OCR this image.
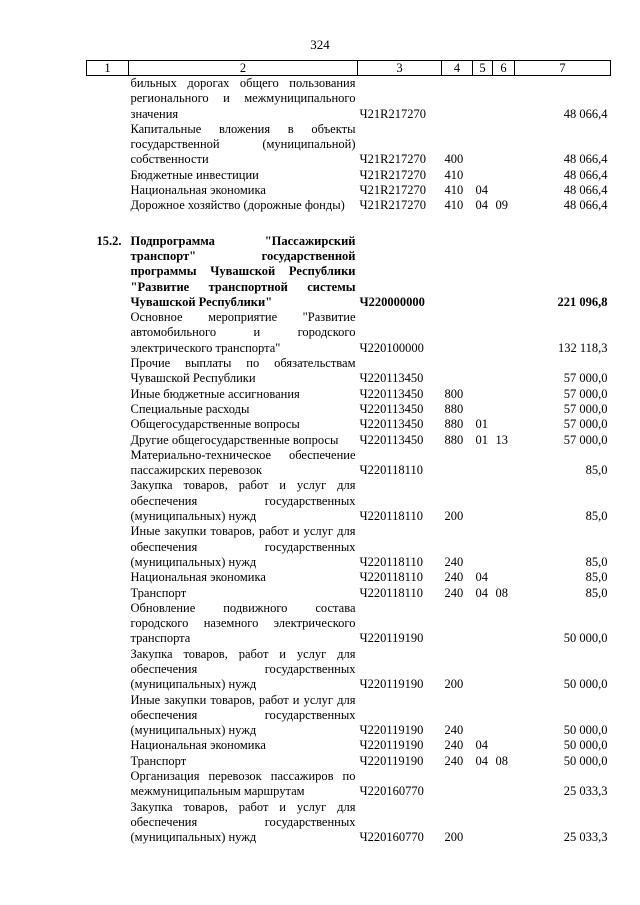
324
1	2	3	4	5	6	7
	бильных дорогах общего пользования регионального и межмуниципального значения	Ч21R217270				48 066,4
	Капитальные вложения в объекты государственной (муниципальной) собственности	Ч21R217270	400			48 066,4
	Бюджетные инвестиции	Ч21R217270	410			48 066,4
	Национальная экономика	Ч21R217270	410	04		48 066,4
	Дорожное хозяйство (дорожные фонды)	Ч21R217270	410	04	09	48 066,4

15.2.	Подпрограмма "Пассажирский транспорт" государственной программы Чувашской Республики "Развитие транспортной системы Чувашской Республики"	Ч220000000				221 096,8
	Основное мероприятие "Развитие автомобильного и городского электрического транспорта"	Ч220100000				132 118,3
	Прочие выплаты по обязательствам Чувашской Республики	Ч220113450				57 000,0
	Иные бюджетные ассигнования	Ч220113450	800			57 000,0
	Специальные расходы	Ч220113450	880			57 000,0
	Общегосударственные вопросы	Ч220113450	880	01		57 000,0
	Другие общегосударственные вопросы	Ч220113450	880	01	13	57 000,0
	Материально-техническое обеспечение пассажирских перевозок	Ч220118110				85,0
	Закупка товаров, работ и услуг для обеспечения государственных (муниципальных) нужд	Ч220118110	200			85,0
	Иные закупки товаров, работ и услуг для обеспечения государственных (муниципальных) нужд	Ч220118110	240			85,0
	Национальная экономика	Ч220118110	240	04		85,0
	Транспорт	Ч220118110	240	04	08	85,0
	Обновление подвижного состава городского наземного электрического транспорта	Ч220119190				50 000,0
	Закупка товаров, работ и услуг для обеспечения государственных (муниципальных) нужд	Ч220119190	200			50 000,0
	Иные закупки товаров, работ и услуг для обеспечения государственных (муниципальных) нужд	Ч220119190	240			50 000,0
	Национальная экономика	Ч220119190	240	04		50 000,0
	Транспорт	Ч220119190	240	04	08	50 000,0
	Организация перевозок пассажиров по межмуниципальным маршрутам	Ч220160770				25 033,3
	Закупка товаров, работ и услуг для обеспечения государственных (муниципальных) нужд	Ч220160770	200			25 033,3
